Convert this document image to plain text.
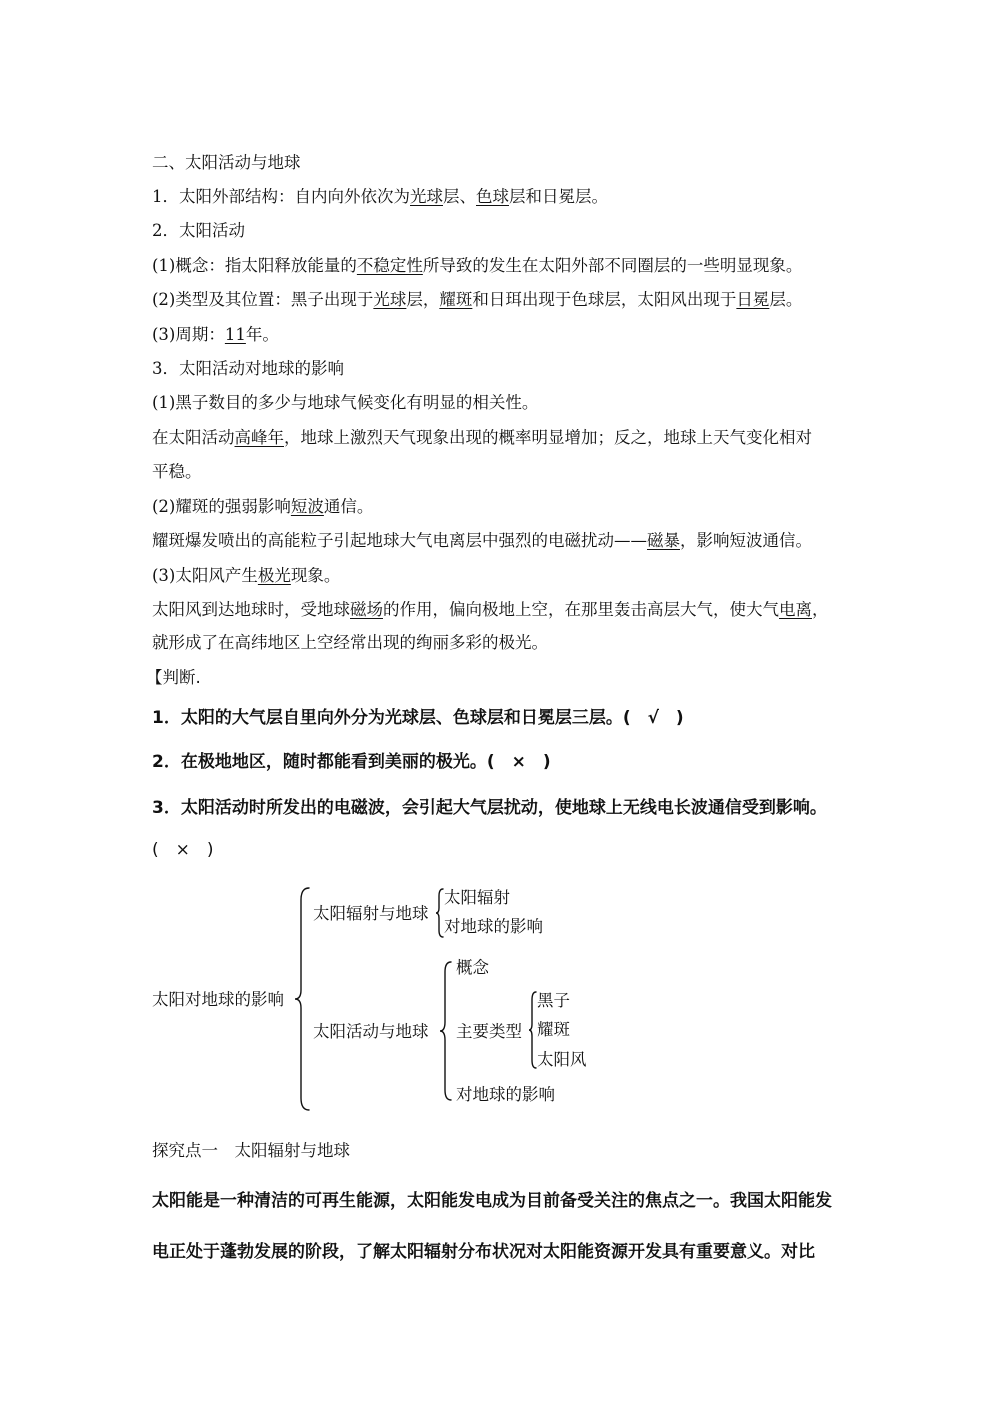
二、太阳活动与地球
1．太阳外部结构：自内向外依次为光球层、色球层和日冕层。
2．太阳活动
(1)概念：指太阳释放能量的不稳定性所导致的发生在太阳外部不同圈层的一些明显现象。
(2)类型及其位置：黑子出现于光球层，耀斑和日珥出现于色球层，太阳风出现于日冕层。
(3)周期：11年。
3．太阳活动对地球的影响
(1)黑子数目的多少与地球气候变化有明显的相关性。
在太阳活动高峰年，地球上激烈天气现象出现的概率明显增加；反之，地球上天气变化相对
平稳。
(2)耀斑的强弱影响短波通信。
耀斑爆发喷出的高能粒子引起地球大气电离层中强烈的电磁扰动——磁暴，影响短波通信。
(3)太阳风产生极光现象。
太阳风到达地球时，受地球磁场的作用，偏向极地上空，在那里轰击高层大气，使大气电离，
就形成了在高纬地区上空经常出现的绚丽多彩的极光。
【判断.
1．太阳的大气层自里向外分为光球层、色球层和日冕层三层。(　√　)
2．在极地地区，随时都能看到美丽的极光。(　×　)
3．太阳活动时所发出的电磁波，会引起大气层扰动，使地球上无线电长波通信受到影响。
(　×　)
太阳对地球的影响
太阳辐射与地球
太阳辐射
对地球的影响
太阳活动与地球
概念
主要类型
黑子
耀斑
太阳风
对地球的影响
探究点一　太阳辐射与地球
太阳能是一种清洁的可再生能源，太阳能发电成为目前备受关注的焦点之一。我国太阳能发
电正处于蓬勃发展的阶段，了解太阳辐射分布状况对太阳能资源开发具有重要意义。对比
